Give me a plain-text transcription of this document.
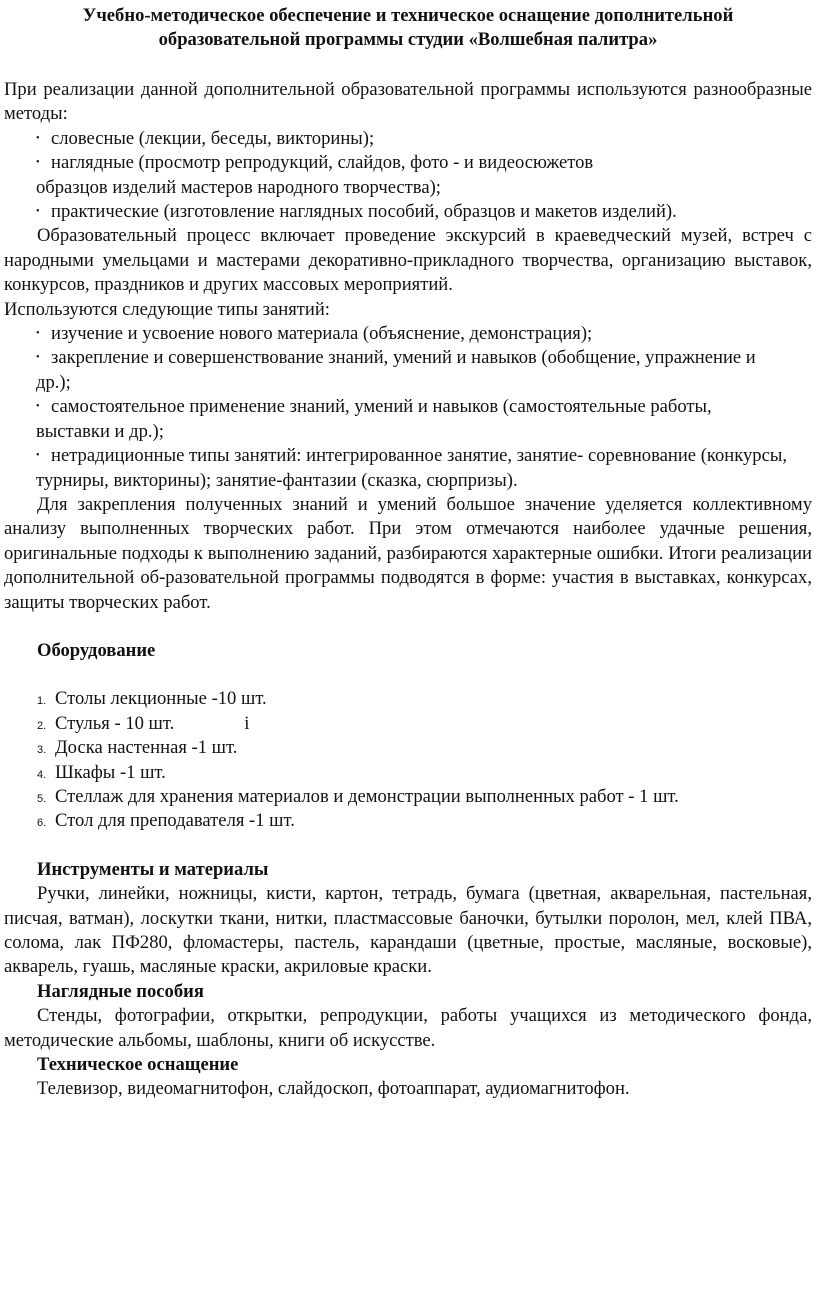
Учебно-методическое обеспечение и техническое оснащение дополнительной
образовательной программы студии «Волшебная палитра»

При реализации данной дополнительной образовательной программы используются разнообразные методы:

• словесные (лекции, беседы, викторины);
• наглядные (просмотр репродукций, слайдов, фото - и видеосюжетов
образцов изделий мастеров народного творчества);
• практические (изготовление наглядных пособий, образцов и макетов изделий).

Образовательный процесс включает проведение экскурсий в краеведческий музей, встреч с народными умельцами и мастерами декоративно-прикладного творчества, организацию выставок, конкурсов, праздников и других массовых мероприятий.

Используются следующие типы занятий:

• изучение и усвоение нового материала (объяснение, демонстрация);
• закрепление и совершенствование знаний, умений и навыков (обобщение, упражнение и др.);
• самостоятельное применение знаний, умений и навыков (самостоятельные работы, выставки и др.);
• нетрадиционные типы занятий: интегрированное занятие, занятие- соревнование (конкурсы, турниры, викторины); занятие-фантазии (сказка, сюрпризы).

Для закрепления полученных знаний и умений большое значение уделяется коллективному анализу выполненных творческих работ. При этом отмечаются наиболее удачные решения, оригинальные подходы к выполнению заданий, разбираются характерные ошибки. Итоги реализации дополнительной об-разовательной программы подводятся в форме: участия в выставках, конкурсах, защиты творческих работ.

Оборудование
1. Столы лекционные -10 шт.
2. Стулья - 10 шт.	і
3. Доска настенная -1 шт.
4. Шкафы -1 шт.
5. Стеллаж для хранения материалов и демонстрации выполненных работ - 1 шт.
6. Стол для преподавателя -1 шт.
Инструменты и материалы

Ручки, линейки, ножницы, кисти, картон, тетрадь, бумага (цветная, акварельная, пастельная, писчая, ватман), лоскутки ткани, нитки, пластмассовые баночки, бутылки поролон, мел, клей ПВА, солома, лак ПФ280, фломастеры, пастель, карандаши (цветные, простые, масляные, восковые), акварель, гуашь, масляные краски, акриловые краски.

Наглядные пособия

Стенды, фотографии, открытки, репродукции, работы учащихся из методического фонда, методические альбомы, шаблоны, книги об искусстве.

Техническое оснащение

Телевизор, видеомагнитофон, слайдоскоп, фотоаппарат, аудиомагнитофон.
